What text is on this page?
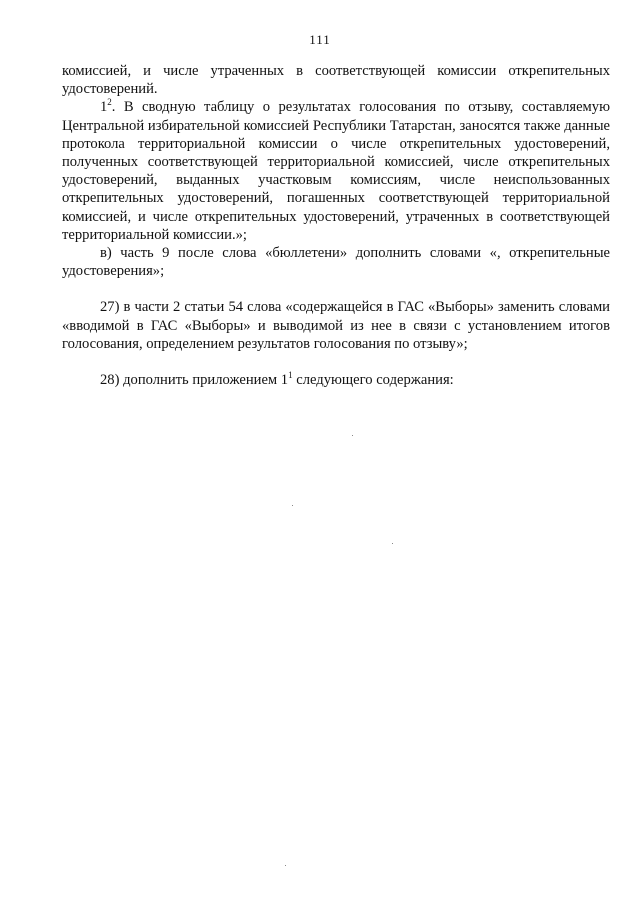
111

комиссией, и числе утраченных в соответствующей комиссии открепительных удостоверений.

$1^2$. В сводную таблицу о результатах голосования по отзыву, составляемую Центральной избирательной комиссией Республики Татарстан, заносятся также данные протокола территориальной комиссии о числе открепительных удостоверений, полученных соответствующей территориальной комиссией, числе открепительных удостоверений, выданных участковым комиссиям, числе неиспользованных открепительных удостоверений, погашенных соответствующей территориальной комиссией, и числе открепительных удостоверений, утраченных в соответствующей территориальной комиссии.»;

в) часть 9 после слова «бюллетени» дополнить словами «, открепительные удостоверения»;

27) в части 2 статьи 54 слова «содержащейся в ГАС «Выборы» заменить словами «вводимой в ГАС «Выборы» и выводимой из нее в связи с установлением итогов голосования, определением результатов голосования по отзыву»;

28) дополнить приложением $1^1$ следующего содержания:
